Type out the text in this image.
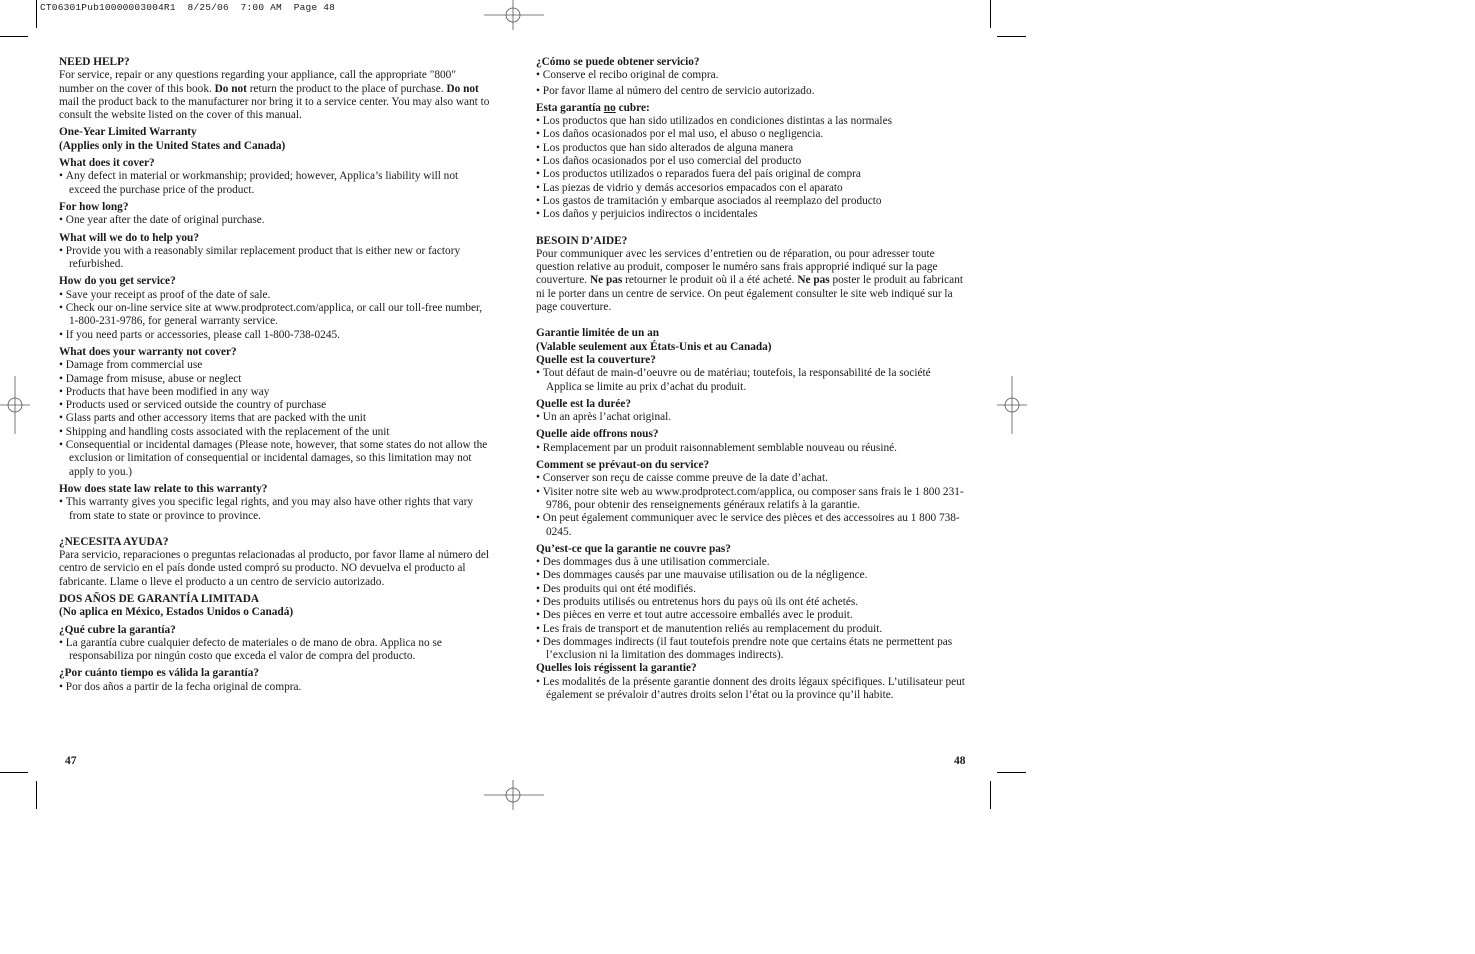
CT06301Pub10000003004R1  8/25/06  7:00 AM  Page 48
NEED HELP?
For service, repair or any questions regarding your appliance, call the appropriate "800" number on the cover of this book. Do not return the product to the place of purchase. Do not mail the product back to the manufacturer nor bring it to a service center. You may also want to consult the website listed on the cover of this manual.
One-Year Limited Warranty
(Applies only in the United States and Canada)
What does it cover?
• Any defect in material or workmanship; provided; however, Applica’s liability will not exceed the purchase price of the product.
For how long?
• One year after the date of original purchase.
What will we do to help you?
• Provide you with a reasonably similar replacement product that is either new or factory refurbished.
How do you get service?
• Save your receipt as proof of the date of sale.
• Check our on-line service site at www.prodprotect.com/applica, or call our toll-free number, 1-800-231-9786, for general warranty service.
• If you need parts or accessories, please call 1-800-738-0245.
What does your warranty not cover?
• Damage from commercial use
• Damage from misuse, abuse or neglect
• Products that have been modified in any way
• Products used or serviced outside the country of purchase
• Glass parts and other accessory items that are packed with the unit
• Shipping and handling costs associated with the replacement of the unit
• Consequential or incidental damages (Please note, however, that some states do not allow the exclusion or limitation of consequential or incidental damages, so this limitation may not apply to you.)
How does state law relate to this warranty?
• This warranty gives you specific legal rights, and you may also have other rights that vary from state to state or province to province.
¿NECESITA AYUDA?
Para servicio, reparaciones o preguntas relacionadas al producto, por favor llame al número del centro de servicio en el país donde usted compró su producto. NO devuelva el producto al fabricante. Llame o lleve el producto a un centro de servicio autorizado.
DOS AÑOS DE GARANTÍA LIMITADA
(No aplica en México, Estados Unidos o Canadá)
¿Qué cubre la garantía?
• La garantía cubre cualquier defecto de materiales o de mano de obra. Applica no se responsabiliza por ningún costo que exceda el valor de compra del producto.
¿Por cuánto tiempo es válida la garantía?
• Por dos años a partir de la fecha original de compra.
¿Cómo se puede obtener servicio?
• Conserve el recibo original de compra.
• Por favor llame al número del centro de servicio autorizado.
Esta garantía no cubre:
• Los productos que han sido utilizados en condiciones distintas a las normales
• Los daños ocasionados por el mal uso, el abuso o negligencia.
• Los productos que han sido alterados de alguna manera
• Los daños ocasionados por el uso comercial del producto
• Los productos utilizados o reparados fuera del país original de compra
• Las piezas de vidrio y demás accesorios empacados con el aparato
• Los gastos de tramitación y embarque asociados al reemplazo del producto
• Los daños y perjuicios indirectos o incidentales
BESOIN D’AIDE?
Pour communiquer avec les services d’entretien ou de réparation, ou pour adresser toute question relative au produit, composer le numéro sans frais approprié indiqué sur la page couverture. Ne pas retourner le produit où il a été acheté. Ne pas poster le produit au fabricant ni le porter dans un centre de service. On peut également consulter le site web indiqué sur la page couverture.
Garantie limitée de un an
(Valable seulement aux États-Unis et au Canada)
Quelle est la couverture?
• Tout défaut de main-d’oeuvre ou de matériau; toutefois, la responsabilité de la société Applica se limite au prix d’achat du produit.
Quelle est la durée?
• Un an après l’achat original.
Quelle aide offrons nous?
• Remplacement par un produit raisonnablement semblable nouveau ou réusiné.
Comment se prévaut-on du service?
• Conserver son reçu de caisse comme preuve de la date d’achat.
• Visiter notre site web au www.prodprotect.com/applica, ou composer sans frais le 1 800 231-9786, pour obtenir des renseignements généraux relatifs à la garantie.
• On peut également communiquer avec le service des pièces et des accessoires au 1 800 738-0245.
Qu’est-ce que la garantie ne couvre pas?
• Des dommages dus à une utilisation commerciale.
• Des dommages causés par une mauvaise utilisation ou de la négligence.
• Des produits qui ont été modifiés.
• Des produits utilisés ou entretenus hors du pays où ils ont été achetés.
• Des pièces en verre et tout autre accessoire emballés avec le produit.
• Les frais de transport et de manutention reliés au remplacement du produit.
• Des dommages indirects (il faut toutefois prendre note que certains états ne permettent pas l’exclusion ni la limitation des dommages indirects).
Quelles lois régissent la garantie?
• Les modalités de la présente garantie donnent des droits légaux spécifiques. L’utilisateur peut également se prévaloir d’autres droits selon l’état ou la province qu’il habite.
47	48
